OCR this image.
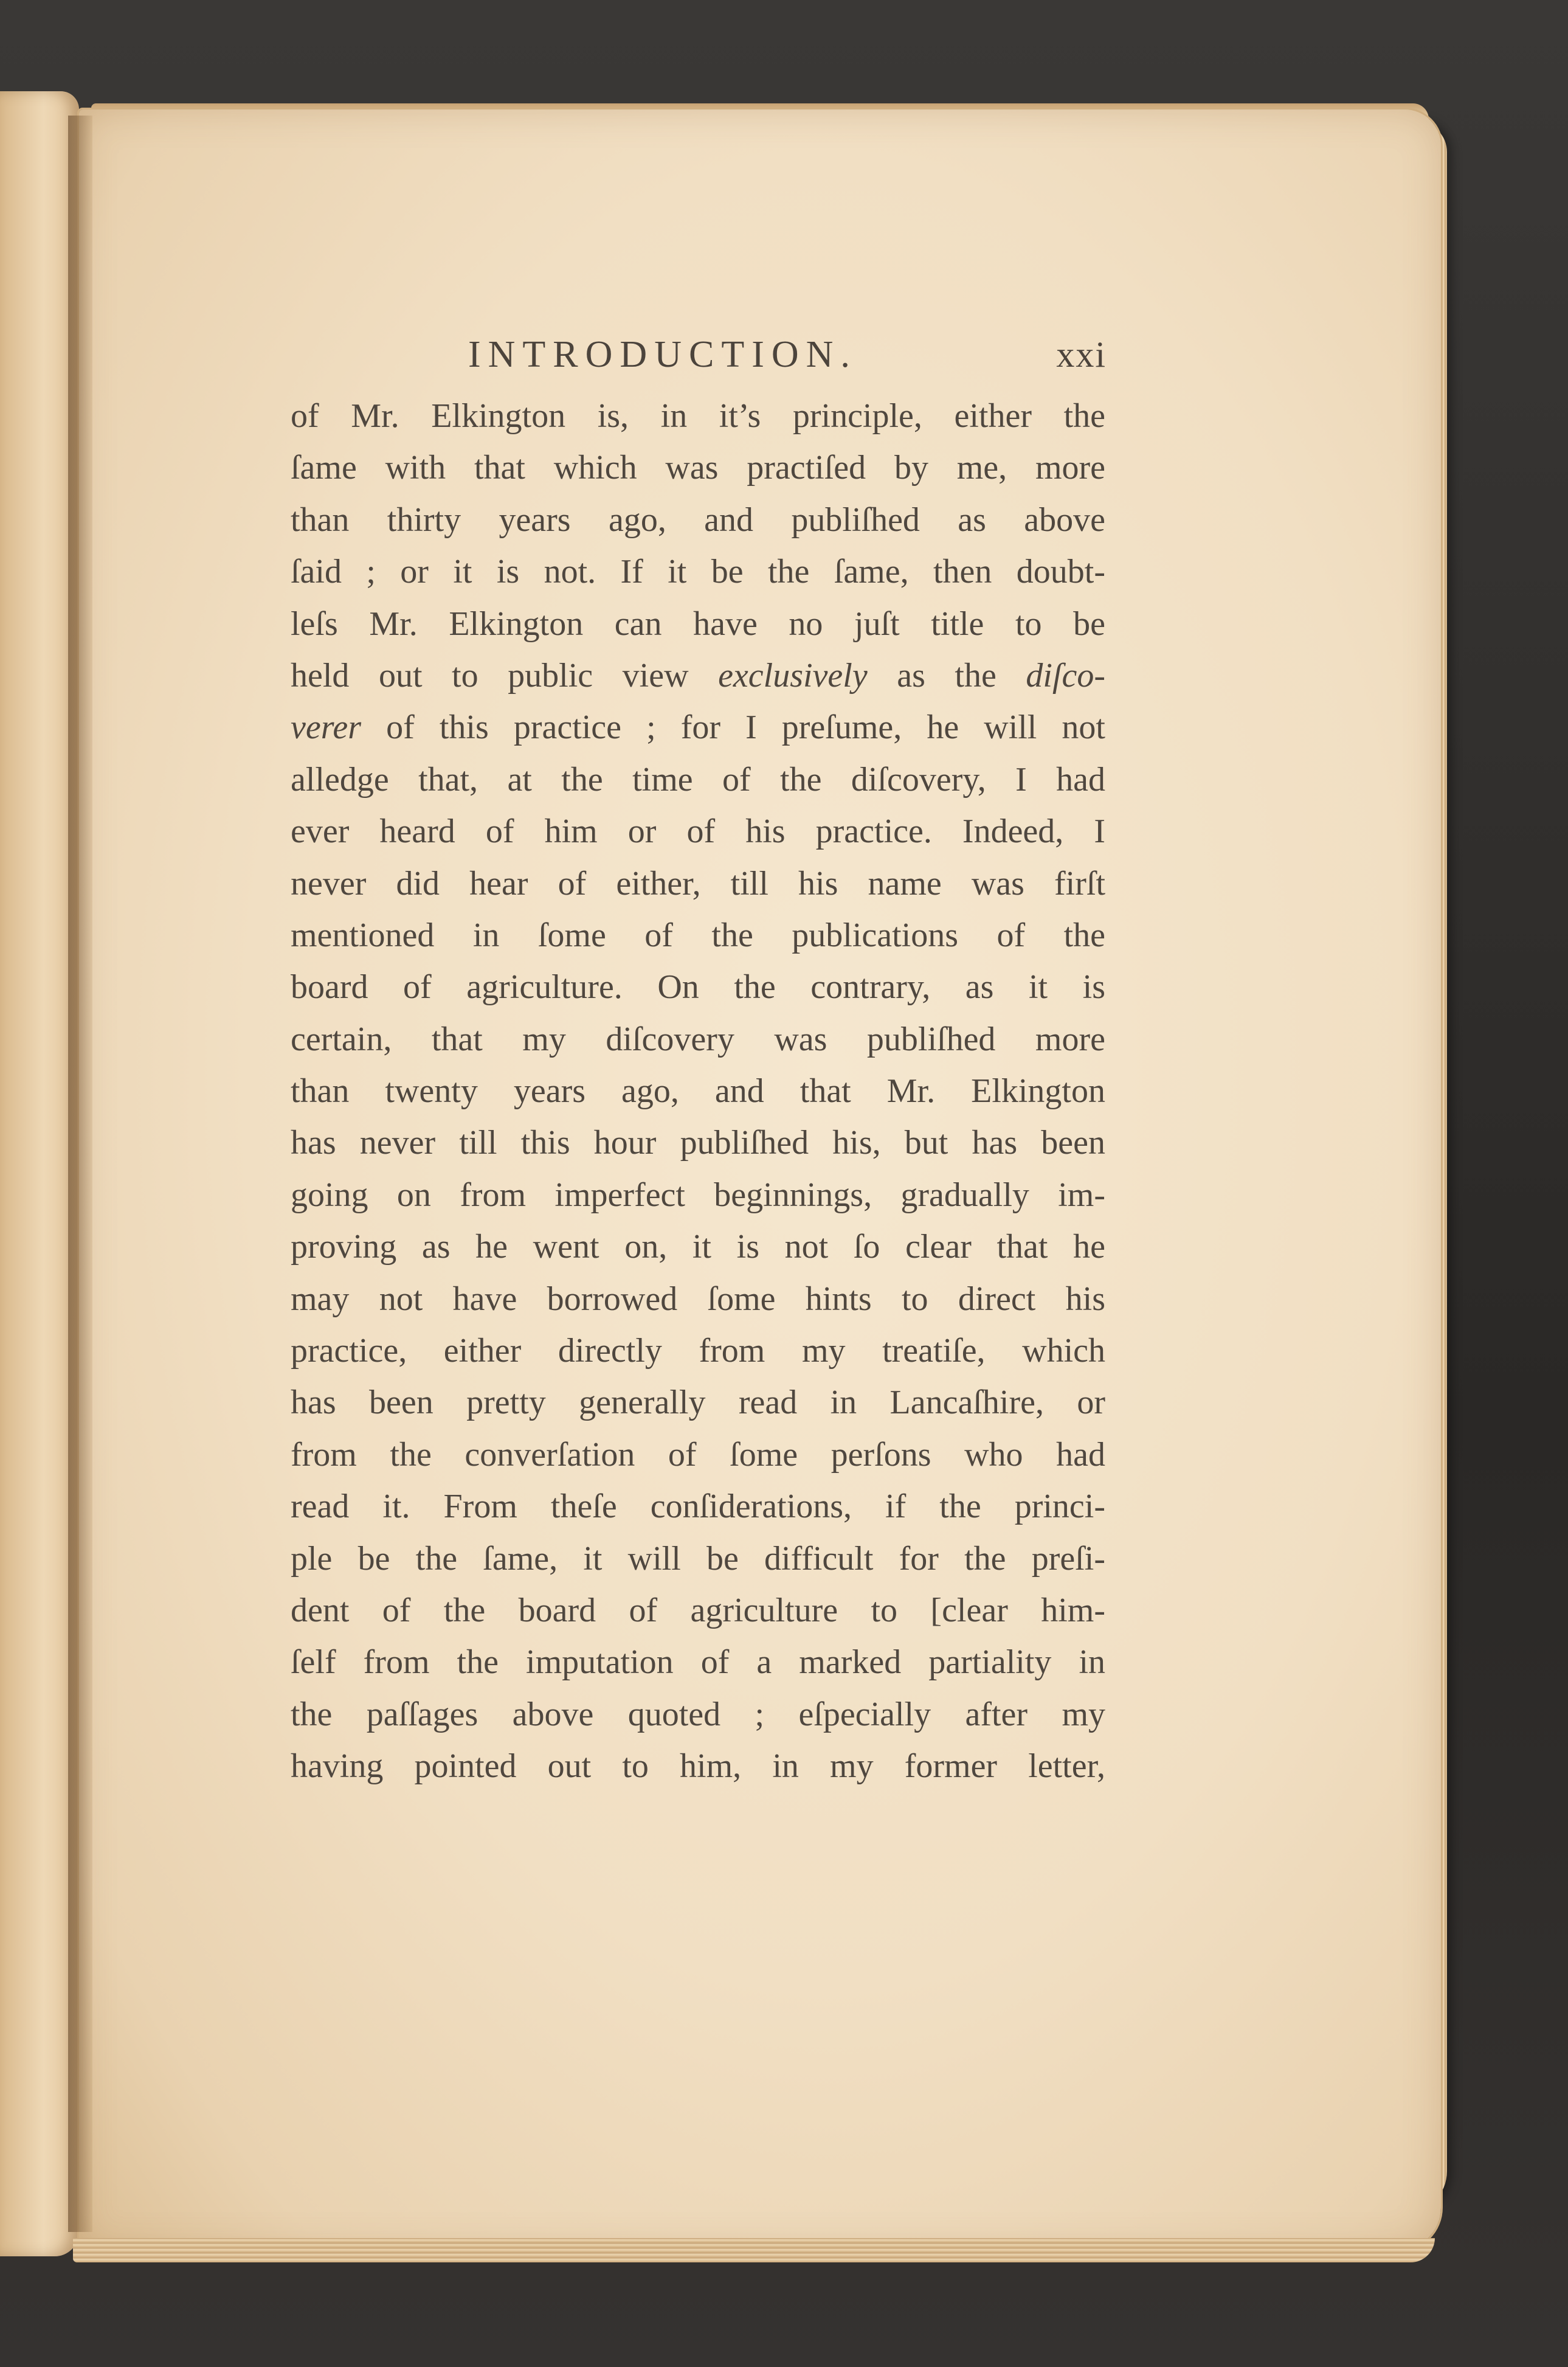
INTRODUCTION.	xxi
of Mr. Elkington is, in it’s principle, either the
ſame with that which was practiſed by me, more
than thirty years ago, and publiſhed as above
ſaid ; or it is not. If it be the ſame, then doubt-
leſs Mr. Elkington can have no juſt title to be
held out to public view exclusively as the diſco-
verer of this practice ; for I preſume, he will not
alledge that, at the time of the diſcovery, I had
ever heard of him or of his practice. Indeed, I
never did hear of either, till his name was firſt
mentioned in ſome of the publications of the
board of agriculture. On the contrary, as it is
certain, that my diſcovery was publiſhed more
than twenty years ago, and that Mr. Elkington
has never till this hour publiſhed his, but has been
going on from imperfect beginnings, gradually im-
proving as he went on, it is not ſo clear that he
may not have borrowed ſome hints to direct his
practice, either directly from my treatiſe, which
has been pretty generally read in Lancaſhire, or
from the converſation of ſome perſons who had
read it. From theſe conſiderations, if the princi-
ple be the ſame, it will be difficult for the preſi-
dent of the board of agriculture to [clear him-
ſelf from the imputation of a marked partiality in
the paſſages above quoted ; eſpecially after my
having pointed out to him, in my former letter,
